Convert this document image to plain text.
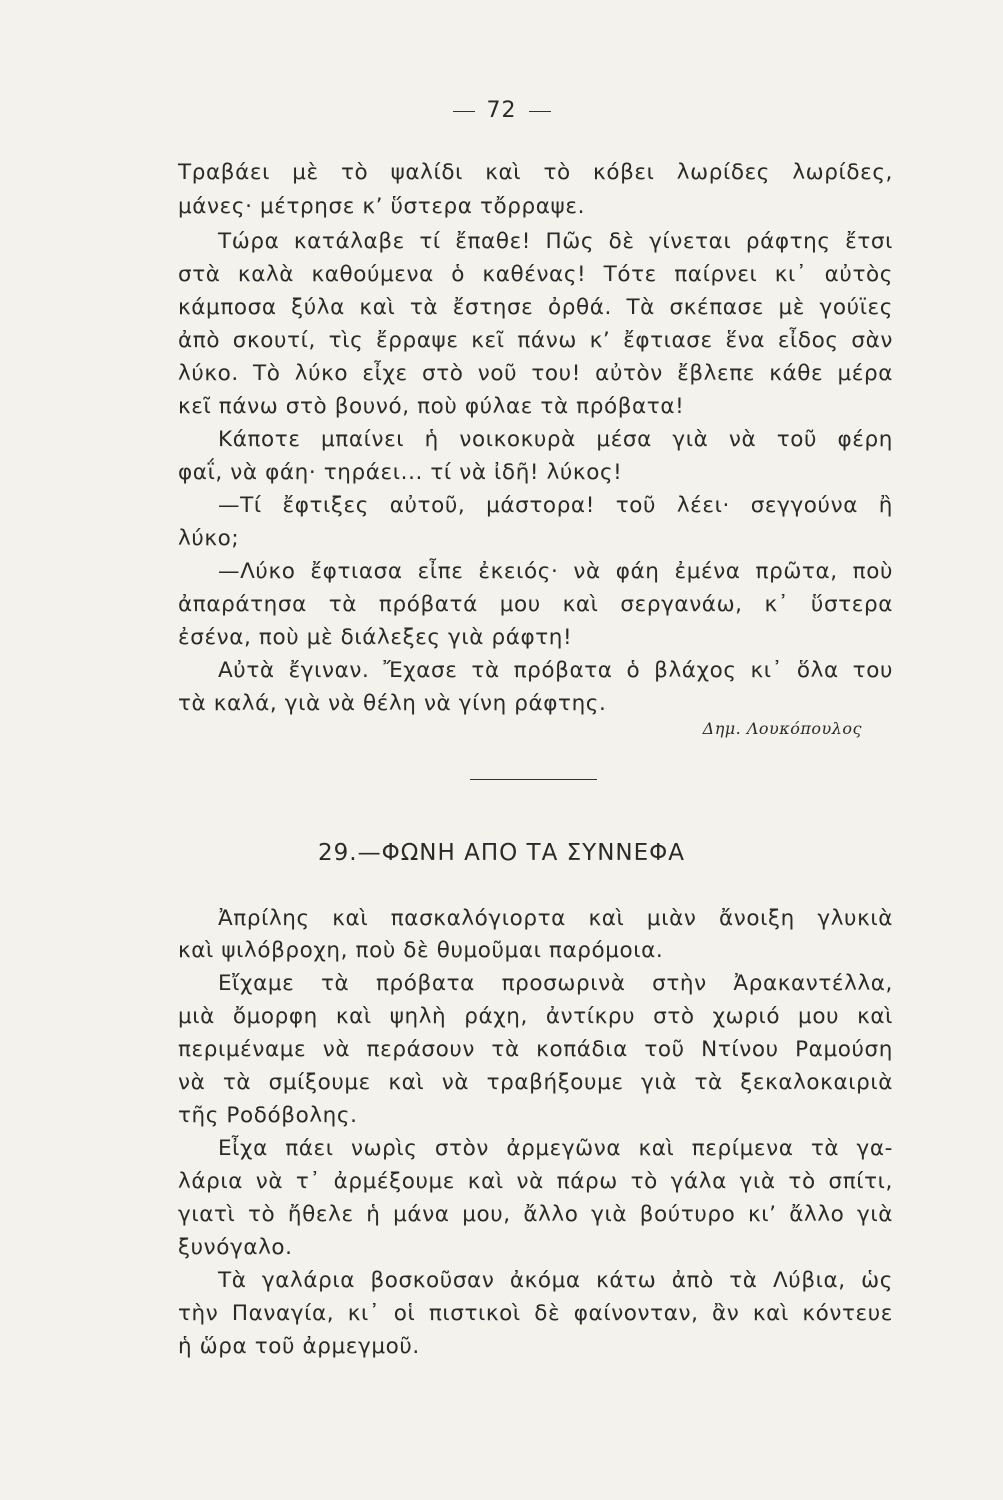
72
Τραβάει μὲ τὸ ψαλίδι καὶ τὸ κόβει λωρίδες λωρίδες,
μάνες· μέτρησε κ’ ὕστερα τὄρραψε.
Τώρα κατάλαβε τί ἔπαθε! Πῶς δὲ γίνεται ράφτης ἔτσι
στὰ καλὰ καθούμενα ὁ καθένας! Τότε παίρνει κι᾿ αὐτὸς
κάμποσα ξύλα καὶ τὰ ἔστησε ὀρθά. Τὰ σκέπασε μὲ γούϊες
ἀπὸ σκουτί, τὶς ἔρραψε κεῖ πάνω κ’ ἔφτιασε ἕνα εἶδος σὰν
λύκο. Τὸ λύκο εἶχε στὸ νοῦ του! αὐτὸν ἔβλεπε κάθε μέρα
κεῖ πάνω στὸ βουνό, ποὺ φύλαε τὰ πρόβατα!
Κάποτε μπαίνει ἡ νοικοκυρὰ μέσα γιὰ νὰ τοῦ φέρη
φαΐ, νὰ φάη· τηράει... τί νὰ ἰδῆ! λύκος!
—Τί ἔφτιξες αὐτοῦ, μάστορα! τοῦ λέει· σεγγούνα ἢ
λύκο;
—Λύκο ἔφτιασα εἶπε ἐκειός· νὰ φάη ἐμένα πρῶτα, ποὺ
ἀπαράτησα τὰ πρόβατά μου καὶ σεργανάω, κ᾿ ὕστερα
ἐσένα, ποὺ μὲ διάλεξες γιὰ ράφτη!
Αὐτὰ ἔγιναν. Ἔχασε τὰ πρόβατα ὁ βλάχος κι᾿ ὅλα του
τὰ καλά, γιὰ νὰ θέλη νὰ γίνη ράφτης.
Δημ. Λουκόπουλος
29.—ΦΩΝΗ ΑΠΟ ΤΑ ΣΥΝΝΕΦΑ
Ἀπρίλης καὶ πασκαλόγιορτα καὶ μιὰν ἄνοιξη γλυκιὰ
καὶ ψιλόβροχη, ποὺ δὲ θυμοῦμαι παρόμοια.
Εἴχαμε τὰ πρόβατα προσωρινὰ στὴν Ἀρακαντέλλα,
μιὰ ὄμορφη καὶ ψηλὴ ράχη, ἀντίκρυ στὸ χωριό μου καὶ
περιμέναμε νὰ περάσουν τὰ κοπάδια τοῦ Ντίνου Ραμούση
νὰ τὰ σμίξουμε καὶ νὰ τραβήξουμε γιὰ τὰ ξεκαλοκαιριὰ
τῆς Ροδόβολης.
Εἶχα πάει νωρὶς στὸν ἀρμεγῶνα καὶ περίμενα τὰ γα-
λάρια νὰ τ᾿ ἀρμέξουμε καὶ νὰ πάρω τὸ γάλα γιὰ τὸ σπίτι,
γιατὶ τὸ ἤθελε ἡ μάνα μου, ἄλλο γιὰ βούτυρο κι’ ἄλλο γιὰ
ξυνόγαλο.
Τὰ γαλάρια βοσκοῦσαν ἀκόμα κάτω ἀπὸ τὰ Λύβια, ὡς
τὴν Παναγία, κι᾿ οἱ πιστικοὶ δὲ φαίνονταν, ἂν καὶ κόντευε
ἡ ὥρα τοῦ ἀρμεγμοῦ.
